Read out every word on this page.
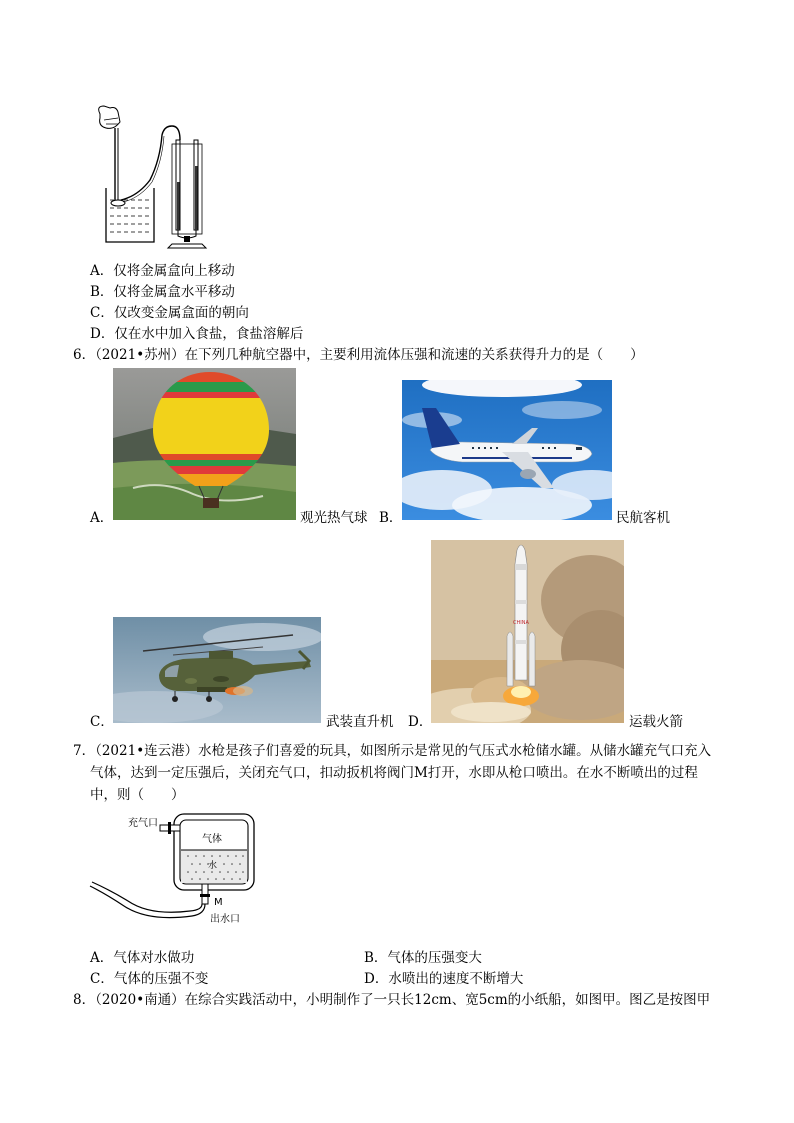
A．仅将金属盒向上移动
B．仅将金属盒水平移动
C．仅改变金属盒面的朝向
D．仅在水中加入食盐，食盐溶解后
6．（2021•苏州）在下列几种航空器中，主要利用流体压强和流速的关系获得升力的是（　　）
A．	观光热气球 B．	民航客机
C．	武装直升机
CHINA
D．	运载火箭
7．（2021•连云港）水枪是孩子们喜爱的玩具，如图所示是常见的气压式水枪储水罐。从储水罐充气口充入
气体，达到一定压强后，关闭充气口，扣动扳机将阀门M打开，水即从枪口喷出。在水不断喷出的过程
中，则（　　）
充气口
气体
水
M
出水口
A．气体对水做功	B．气体的压强变大
C．气体的压强不变	D．水喷出的速度不断增大
8．（2020•南通）在综合实践活动中，小明制作了一只长12cm、宽5cm的小纸船，如图甲。图乙是按图甲
